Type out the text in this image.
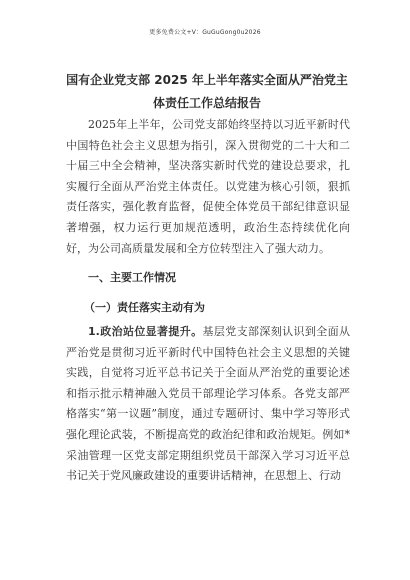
更多免费公文+V：GuGuGong0u2026
国有企业党支部 2025 年上半年落实全面从严治党主体责任工作总结报告
2025年上半年，公司党支部始终坚持以习近平新时代中国特色社会主义思想为指引，深入贯彻党的二十大和二十届三中全会精神，坚决落实新时代党的建设总要求，扎实履行全面从严治党主体责任。以党建为核心引领，狠抓责任落实，强化教育监督，促使全体党员干部纪律意识显著增强，权力运行更加规范透明，政治生态持续优化向好，为公司高质量发展和全方位转型注入了强大动力。
一、主要工作情况
（一）责任落实主动有为
1.政治站位显著提升。基层党支部深刻认识到全面从严治党是贯彻习近平新时代中国特色社会主义思想的关键实践，自觉将习近平总书记关于全面从严治党的重要论述和指示批示精神融入党员干部理论学习体系。各党支部严格落实“第一议题”制度，通过专题研讨、集中学习等形式强化理论武装，不断提高党的政治纪律和政治规矩。例如*采油管理一区党支部定期组织党员干部深入学习习近平总书记关于党风廉政建设的重要讲话精神，在思想上、行动
